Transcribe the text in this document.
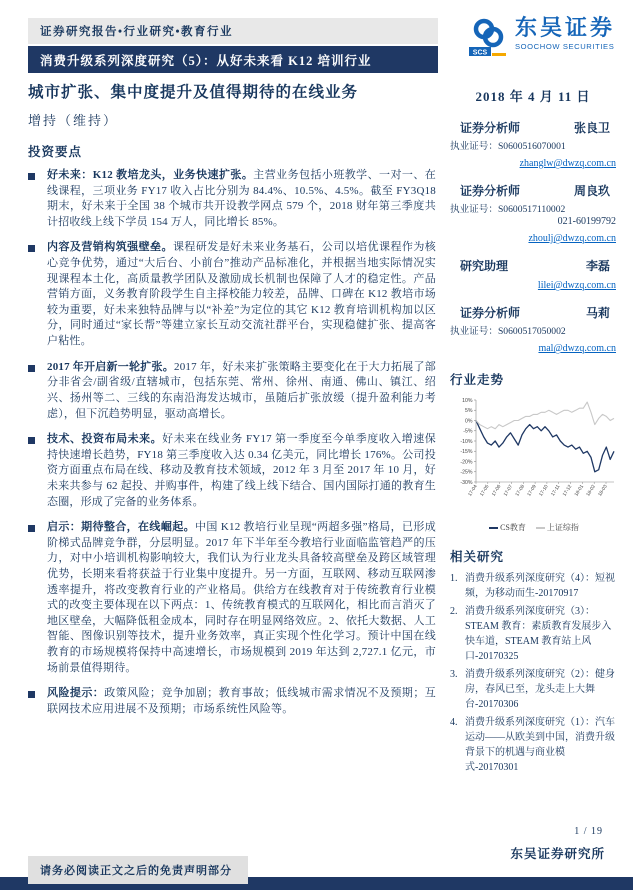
证券研究报告•行业研究•教育行业
消费升级系列深度研究（5）：从好未来看 K12 培训行业
SCS
东吴证券
SOOCHOW SECURITIES
城市扩张、集中度提升及值得期待的在线业务
增持（维持）
投资要点

好未来：K12 教培龙头，业务快速扩张。主营业务包括小班教学、一对一、在线课程，三项业务 FY17 收入占比分别为 84.4%、10.5%、4.5%。截至 FY3Q18 期末，好未来于全国 38 个城市共开设教学网点 579 个，2018 财年第三季度共计招收线上线下学员 154 万人，同比增长 85%。

内容及营销构筑强壁垒。课程研发是好未来业务基石，公司以培优课程作为核心竞争优势，通过“大后台、小前台”推动产品标准化，并根据当地实际情况实现课程本土化，高质量教学团队及激励成长机制也保障了人才的稳定性。产品营销方面，义务教育阶段学生自主择校能力较差，品牌、口碑在 K12 教培市场较为重要，好未来独特品牌与以“补差”为定位的其它 K12 教育培训机构加以区分，同时通过“家长帮”等建立家长互动交流社群平台，实现稳健扩张、提高客户粘性。

2017 年开启新一轮扩张。2017 年，好未来扩张策略主要变化在于大力拓展了部分非省会/副省级/直辖城市，包括东莞、常州、徐州、南通、佛山、镇江、绍兴、扬州等二、三线的东南沿海发达城市，虽随后扩张放缓（提升盈利能力考虑），但下沉趋势明显，驱动高增长。

技术、投资布局未来。好未来在线业务 FY17 第一季度至今单季度收入增速保持快速增长趋势，FY18 第三季度收入达 0.34 亿美元，同比增长 176%。公司投资方面重点布局在线、移动及教育技术领域，2012 年 3 月至 2017 年 10 月，好未来共参与 62 起投、并购事件，构建了线上线下结合、国内国际打通的教育生态圈，形成了完备的业务体系。

启示：期待整合，在线崛起。中国 K12 教培行业呈现“两超多强”格局，已形成阶梯式品牌竞争群，分层明显。2017 年下半年至今教培行业面临监管趋严的压力，对中小培训机构影响较大，我们认为行业龙头具备较高壁垒及跨区域管理优势，长期来看将获益于行业集中度提升。另一方面，互联网、移动互联网渗透率提升，将改变教育行业的产业格局。供给方在线教育对于传统教育行业模式的改变主要体现在以下两点：1、传统教育模式的互联网化，相比而言消灭了地区壁垒，大幅降低租金成本，同时存在明显网络效应。2、依托大数据、人工智能、图像识别等技术，提升业务效率，真正实现个性化学习。预计中国在线教育的市场规模将保持中高速增长，市场规模到 2019 年达到 2,727.1 亿元，市场前景值得期待。

风险提示：政策风险；竞争加剧；教育事故；低线城市需求情况不及预期；互联网技术应用进展不及预期；市场系统性风险等。

2018 年 4 月 11 日
证券分析师	张良卫
执业证号：S0600516070001
zhanglw@dwzq.com.cn
证券分析师	周良玖
执业证号：S0600517110002
021-60199792
zhoulj@dwzq.com.cn
研究助理	李磊
lilei@dwzq.com.cn
证券分析师	马莉
执业证号：S0600517050002
mal@dwzq.com.cn
行业走势
10%
5%
0%
-5%
-10%
-15%
-20%
-25%
-30%
17-04 17-05 17-06 17-07 17-08 17-09 17-10 17-11 17-12 18-01 18-02 18-03
CS教育	上证综指
相关研究
1. 消费升级系列深度研究（4）：短视频，为移动而生-20170917
2. 消费升级系列深度研究（3）：STEAM 教育：素质教育发展步入快车道，STEAM 教育站上风口-20170325
3. 消费升级系列深度研究（2）：健身房，春风已至，龙头走上大舞台-20170306
4. 消费升级系列深度研究（1）：汽车运动——从欧美到中国，消费升级背景下的机遇与商业模式-20170301
1 / 19
东吴证券研究所
请务必阅读正文之后的免责声明部分
